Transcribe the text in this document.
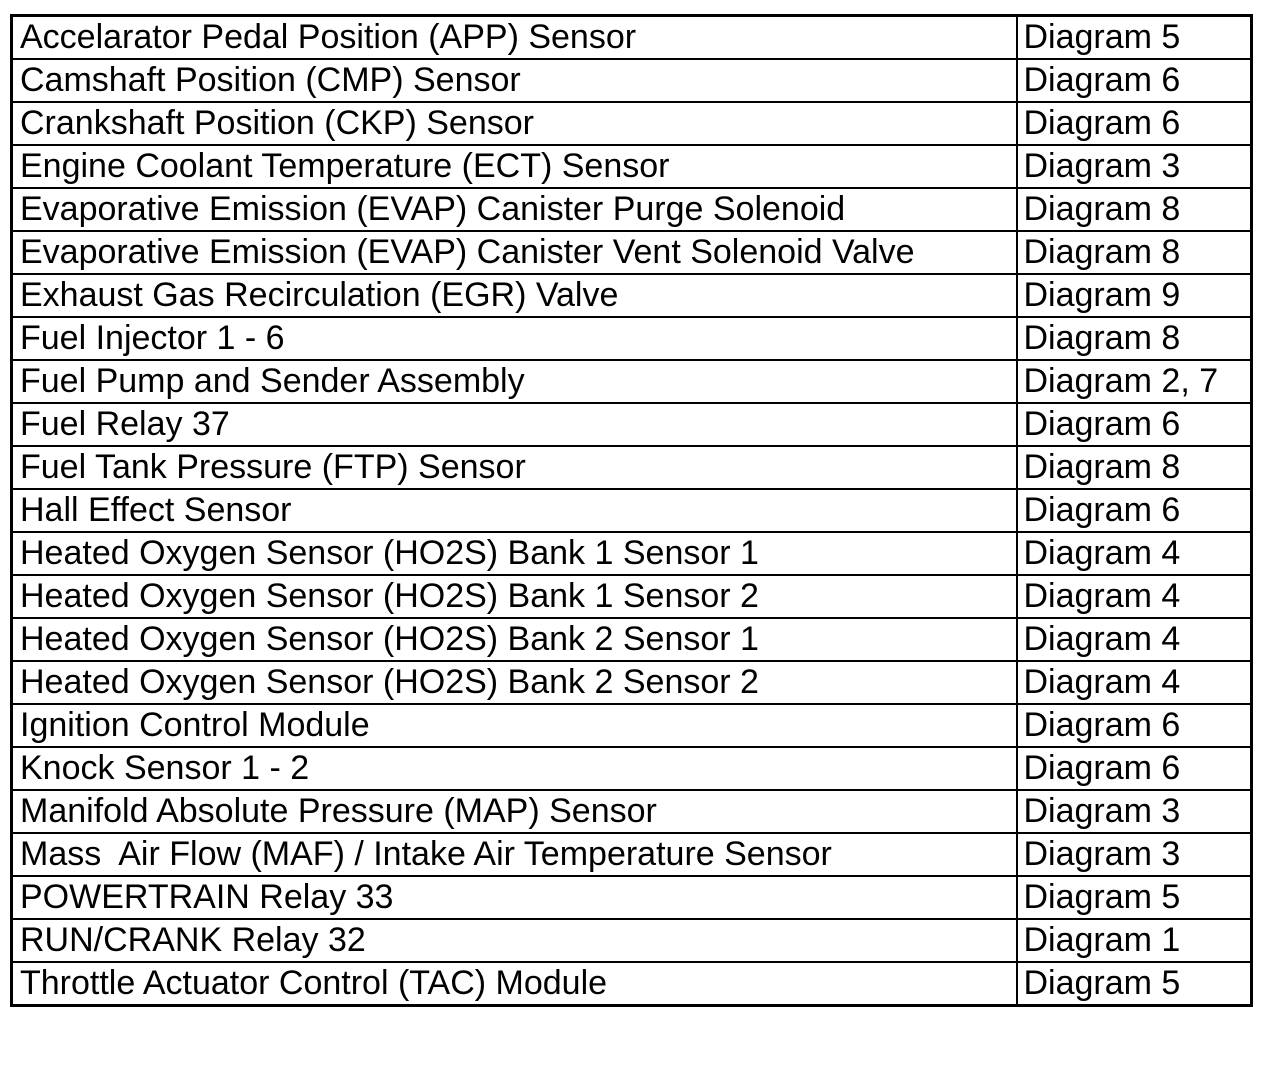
Accelarator Pedal Position (APP) Sensor	Diagram 5
Camshaft Position (CMP) Sensor	Diagram 6
Crankshaft Position (CKP) Sensor	Diagram 6
Engine Coolant Temperature (ECT) Sensor	Diagram 3
Evaporative Emission (EVAP) Canister Purge Solenoid	Diagram 8
Evaporative Emission (EVAP) Canister Vent Solenoid Valve	Diagram 8
Exhaust Gas Recirculation (EGR) Valve	Diagram 9
Fuel Injector 1 - 6	Diagram 8
Fuel Pump and Sender Assembly	Diagram 2, 7
Fuel Relay 37	Diagram 6
Fuel Tank Pressure (FTP) Sensor	Diagram 8
Hall Effect Sensor	Diagram 6
Heated Oxygen Sensor (HO2S) Bank 1 Sensor 1	Diagram 4
Heated Oxygen Sensor (HO2S) Bank 1 Sensor 2	Diagram 4
Heated Oxygen Sensor (HO2S) Bank 2 Sensor 1	Diagram 4
Heated Oxygen Sensor (HO2S) Bank 2 Sensor 2	Diagram 4
Ignition Control Module	Diagram 6
Knock Sensor 1 - 2	Diagram 6
Manifold Absolute Pressure (MAP) Sensor	Diagram 3
Mass  Air Flow (MAF) / Intake Air Temperature Sensor	Diagram 3
POWERTRAIN Relay 33	Diagram 5
RUN/CRANK Relay 32	Diagram 1
Throttle Actuator Control (TAC) Module	Diagram 5
